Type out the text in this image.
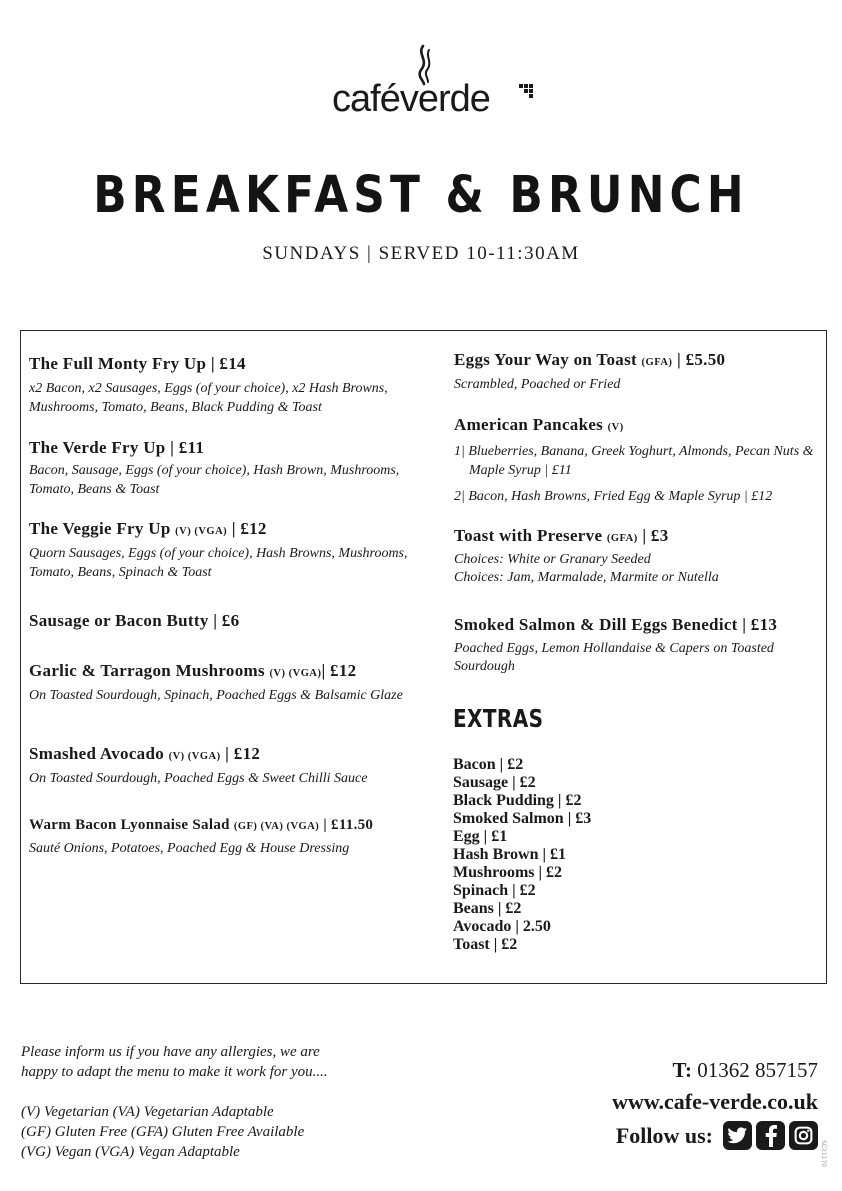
caféverde
BREAKFAST & BRUNCH
SUNDAYS | SERVED 10-11:30AM
The Full Monty Fry Up | £14
x2 Bacon, x2 Sausages, Eggs (of your choice), x2 Hash Browns, Mushrooms, Tomato, Beans, Black Pudding & Toast
The Verde Fry Up | £11
Bacon, Sausage, Eggs (of your choice), Hash Brown, Mushrooms, Tomato, Beans & Toast
The Veggie Fry Up (V) (VGA) | £12
Quorn Sausages, Eggs (of your choice), Hash Browns, Mushrooms, Tomato, Beans, Spinach & Toast
Sausage or Bacon Butty | £6
Garlic & Tarragon Mushrooms (V) (VGA)| £12
On Toasted Sourdough, Spinach, Poached Eggs & Balsamic Glaze
Smashed Avocado (V) (VGA) | £12
On Toasted Sourdough, Poached Eggs & Sweet Chilli Sauce
Warm Bacon Lyonnaise Salad (GF) (VA) (VGA) | £11.50
Sauté Onions, Potatoes, Poached Egg & House Dressing
Eggs Your Way on Toast (GFA) | £5.50
Scrambled, Poached or Fried
American Pancakes (V)
1| Blueberries, Banana, Greek Yoghurt, Almonds, Pecan Nuts & Maple Syrup | £11
2| Bacon, Hash Browns, Fried Egg & Maple Syrup | £12
Toast with Preserve (GFA) | £3
Choices: White or Granary Seeded
Choices: Jam, Marmalade, Marmite or Nutella
Smoked Salmon & Dill Eggs Benedict | £13
Poached Eggs, Lemon Hollandaise & Capers on Toasted Sourdough
EXTRAS
Bacon | £2
Sausage | £2
Black Pudding | £2
Smoked Salmon | £3
Egg | £1
Hash Brown | £1
Mushrooms | £2
Spinach | £2
Beans | £2
Avocado | 2.50
Toast | £2
Please inform us if you have any allergies, we are
happy to adapt the menu to make it work for you....
(V) Vegetarian (VA) Vegetarian Adaptable
(GF) Gluten Free (GFA) Gluten Free Available
(VG) Vegan (VGA) Vegan Adaptable
T: 01362 857157
www.cafe-verde.co.uk
Follow us:
SC21170
